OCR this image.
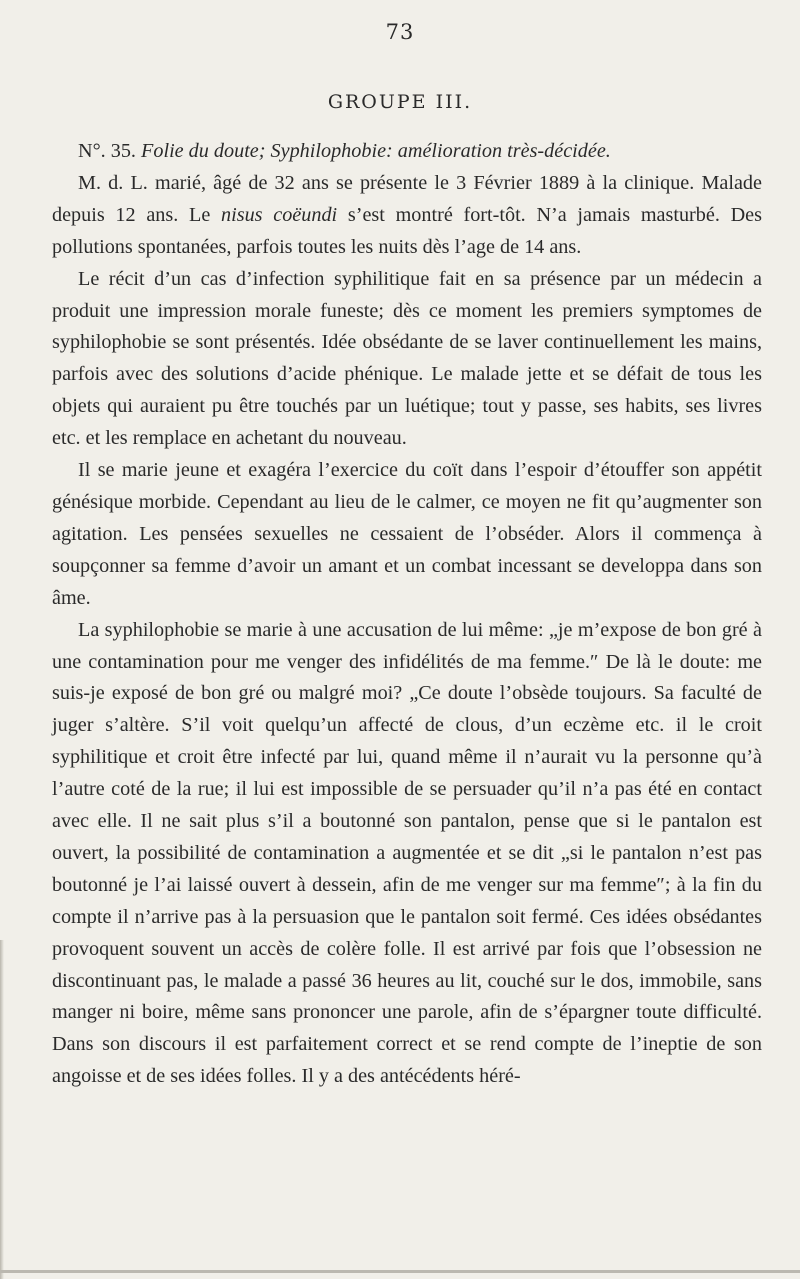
73
GROUPE III.

N°. 35. Folie du doute; Syphilophobie: amélioration très-décidée.

M. d. L. marié, âgé de 32 ans se présente le 3 Février 1889 à la clinique. Malade depuis 12 ans. Le nisus coëundi s’est montré fort-tôt. N’a jamais masturbé. Des pollutions spontanées, parfois toutes les nuits dès l’age de 14 ans.

Le récit d’un cas d’infection syphilitique fait en sa présence par un médecin a produit une impression morale funeste; dès ce moment les premiers symptomes de syphilophobie se sont présentés. Idée obsédante de se laver continuellement les mains, parfois avec des solutions d’acide phénique. Le malade jette et se défait de tous les objets qui auraient pu être touchés par un luétique; tout y passe, ses habits, ses livres etc. et les remplace en achetant du nouveau.

Il se marie jeune et exagéra l’exercice du coït dans l’espoir d’étouffer son appétit génésique morbide. Cependant au lieu de le calmer, ce moyen ne fit qu’augmenter son agitation. Les pensées sexuelles ne cessaient de l’obséder. Alors il commença à soupçonner sa femme d’avoir un amant et un combat incessant se developpa dans son âme.

La syphilophobie se marie à une accusation de lui même: „je m’expose de bon gré à une contamination pour me venger des infidélités de ma femme.″ De là le doute: me suis-je exposé de bon gré ou malgré moi? „Ce doute l’obsède toujours. Sa faculté de juger s’altère. S’il voit quelqu’un affecté de clous, d’un eczème etc. il le croit syphilitique et croit être infecté par lui, quand même il n’aurait vu la personne qu’à l’autre coté de la rue; il lui est impossible de se persuader qu’il n’a pas été en contact avec elle. Il ne sait plus s’il a boutonné son pantalon, pense que si le pantalon est ouvert, la possibilité de contamination a augmentée et se dit „si le pantalon n’est pas boutonné je l’ai laissé ouvert à dessein, afin de me venger sur ma femme″; à la fin du compte il n’arrive pas à la persuasion que le pantalon soit fermé. Ces idées obsédantes provoquent souvent un accès de colère folle. Il est arrivé par fois que l’obsession ne discontinuant pas, le malade a passé 36 heures au lit, couché sur le dos, immobile, sans manger ni boire, même sans prononcer une parole, afin de s’épargner toute difficulté. Dans son discours il est parfaitement correct et se rend compte de l’ineptie de son angoisse et de ses idées folles. Il y a des antécédents héré-
